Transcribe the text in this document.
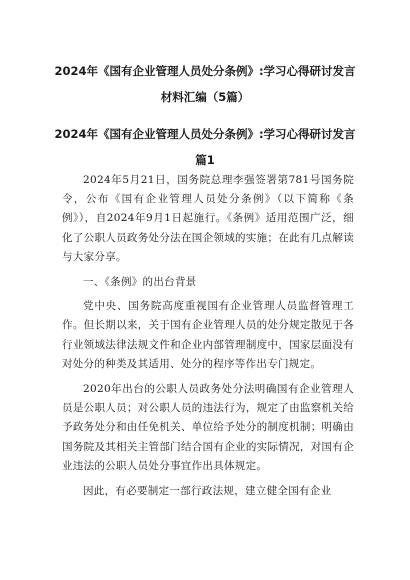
2024年《国有企业管理人员处分条例》:学习心得研讨发言
材料汇编（5篇）
2024年《国有企业管理人员处分条例》:学习心得研讨发言
篇1

2024年5月21日，国务院总理李强签署第781号国务院令，公布《国有企业管理人员处分条例》（以下简称《条例》），自2024年9月1日起施行。《条例》适用范围广泛，细化了公职人员政务处分法在国企领域的实施；在此有几点解读与大家分享。

一、《条例》的出台背景

党中央、国务院高度重视国有企业管理人员监督管理工作。但长期以来，关于国有企业管理人员的处分规定散见于各行业领域法律法规文件和企业内部管理制度中，国家层面没有对处分的种类及其适用、处分的程序等作出专门规定。

2020年出台的公职人员政务处分法明确国有企业管理人员是公职人员；对公职人员的违法行为，规定了由监察机关给予政务处分和由任免机关、单位给予处分的制度机制；明确由国务院及其相关主管部门结合国有企业的实际情况，对国有企业违法的公职人员处分事宜作出具体规定。

因此，有必要制定一部行政法规，建立健全国有企业
